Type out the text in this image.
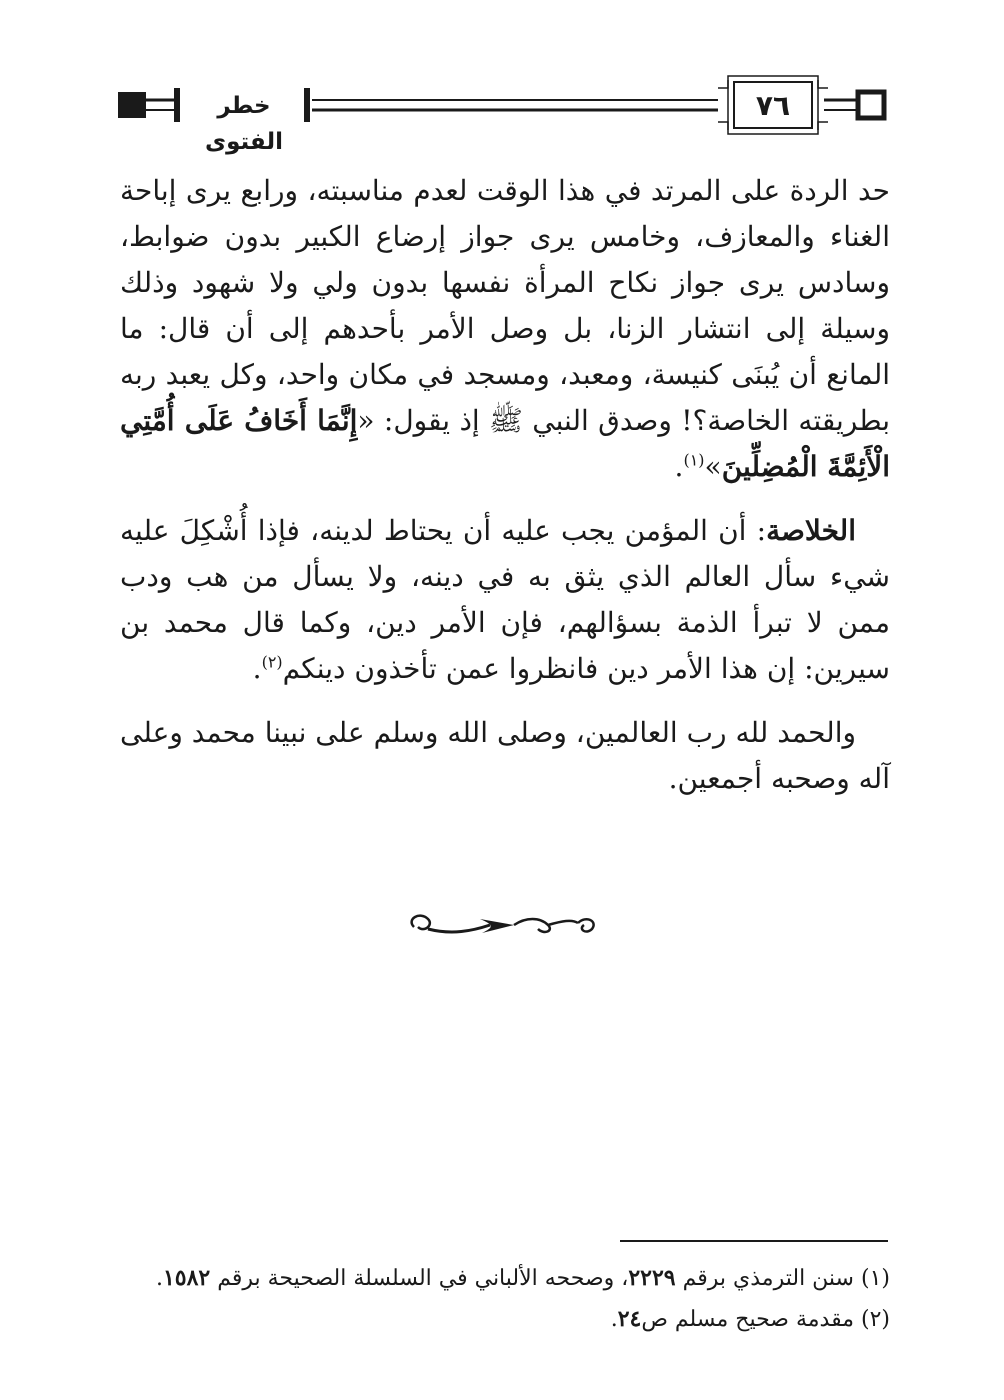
٧٦
خطر الفتوى

حد الردة على المرتد في هذا الوقت لعدم مناسبته، ورابع يرى إباحة الغناء والمعازف، وخامس يرى جواز إرضاع الكبير بدون ضوابط، وسادس يرى جواز نكاح المرأة نفسها بدون ولي ولا شهود وذلك وسيلة إلى انتشار الزنا، بل وصل الأمر بأحدهم إلى أن قال: ما المانع أن يُبنَى كنيسة، ومعبد، ومسجد في مكان واحد، وكل يعبد ربه بطريقته الخاصة؟! وصدق النبي ﷺ إذ يقول: «إِنَّمَا أَخَافُ عَلَى أُمَّتِي الْأَئِمَّةَ الْمُضِلِّينَ»$^{(١)}$.

الخلاصة: أن المؤمن يجب عليه أن يحتاط لدينه، فإذا أُشْكِلَ عليه شيء سأل العالم الذي يثق به في دينه، ولا يسأل من هب ودب ممن لا تبرأ الذمة بسؤالهم، فإن الأمر دين، وكما قال محمد بن سيرين: إن هذا الأمر دين فانظروا عمن تأخذون دينكم$^{(٢)}$.

والحمد لله رب العالمين، وصلى الله وسلم على نبينا محمد وعلى آله وصحبه أجمعين.

(١) سنن الترمذي برقم ٢٢٢٩، وصححه الألباني في السلسلة الصحيحة برقم ١٥٨٢.

(٢) مقدمة صحيح مسلم ص٢٤.
